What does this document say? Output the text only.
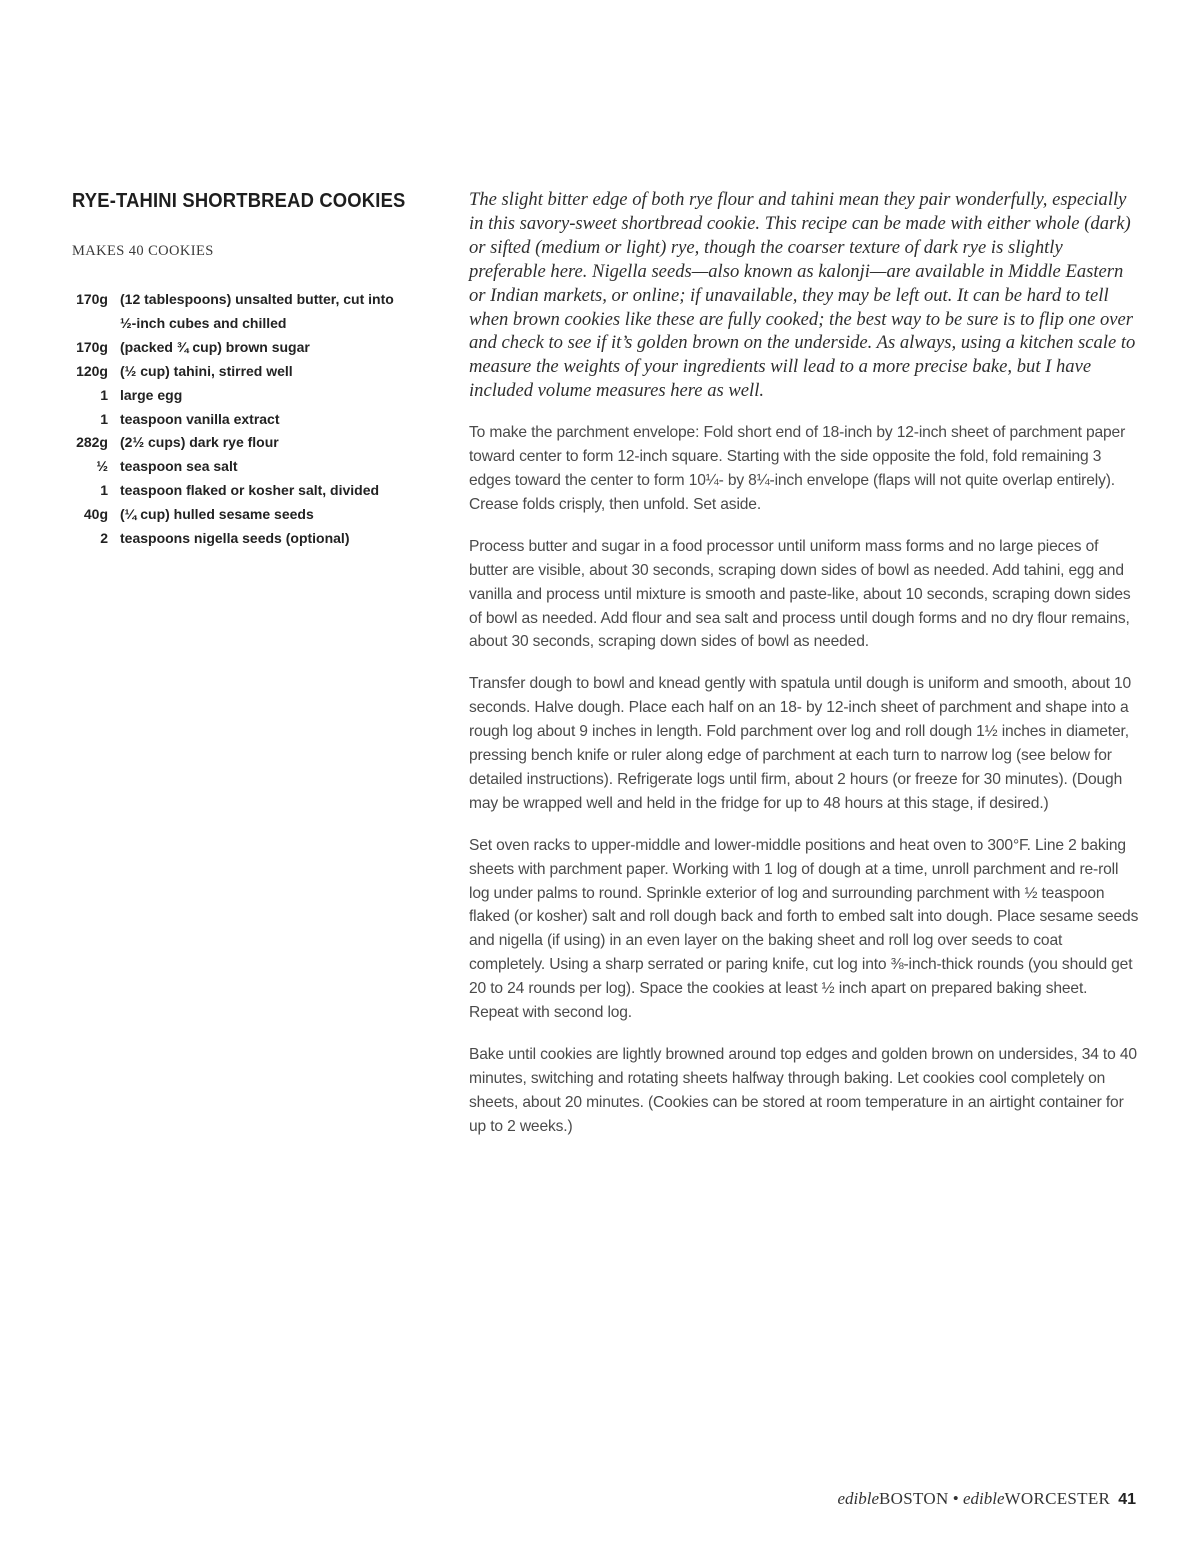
RYE-TAHINI SHORTBREAD COOKIES
MAKES 40 COOKIES
170g (12 tablespoons) unsalted butter, cut into
½-inch cubes and chilled
170g (packed ¾ cup) brown sugar
120g (½ cup) tahini, stirred well
1 large egg
1 teaspoon vanilla extract
282g (2½ cups) dark rye flour
½ teaspoon sea salt
1 teaspoon flaked or kosher salt, divided
40g (¼ cup) hulled sesame seeds
2 teaspoons nigella seeds (optional)

The slight bitter edge of both rye flour and tahini mean they pair wonderfully, especially in this savory-sweet shortbread cookie. This recipe can be made with either whole (dark) or sifted (medium or light) rye, though the coarser texture of dark rye is slightly preferable here. Nigella seeds—also known as kalonji—are available in Middle Eastern or Indian markets, or online; if unavailable, they may be left out. It can be hard to tell when brown cookies like these are fully cooked; the best way to be sure is to flip one over and check to see if it’s golden brown on the underside. As always, using a kitchen scale to measure the weights of your ingredients will lead to a more precise bake, but I have included volume measures here as well.

To make the parchment envelope: Fold short end of 18-inch by 12-inch sheet of parchment paper toward center to form 12-inch square. Starting with the side opposite the fold, fold remaining 3 edges toward the center to form 10¼- by 8¼-inch envelope (flaps will not quite overlap entirely). Crease folds crisply, then unfold. Set aside.

Process butter and sugar in a food processor until uniform mass forms and no large pieces of butter are visible, about 30 seconds, scraping down sides of bowl as needed. Add tahini, egg and vanilla and process until mixture is smooth and paste-like, about 10 seconds, scraping down sides of bowl as needed. Add flour and sea salt and process until dough forms and no dry flour remains, about 30 seconds, scraping down sides of bowl as needed.

Transfer dough to bowl and knead gently with spatula until dough is uniform and smooth, about 10 seconds. Halve dough. Place each half on an 18- by 12-inch sheet of parchment and shape into a rough log about 9 inches in length. Fold parchment over log and roll dough 1½ inches in diameter, pressing bench knife or ruler along edge of parchment at each turn to narrow log (see below for detailed instructions). Refrigerate logs until firm, about 2 hours (or freeze for 30 minutes). (Dough may be wrapped well and held in the fridge for up to 48 hours at this stage, if desired.)

Set oven racks to upper-middle and lower-middle positions and heat oven to 300°F. Line 2 baking sheets with parchment paper. Working with 1 log of dough at a time, unroll parchment and re-roll log under palms to round. Sprinkle exterior of log and surrounding parchment with ½ teaspoon flaked (or kosher) salt and roll dough back and forth to embed salt into dough. Place sesame seeds and nigella (if using) in an even layer on the baking sheet and roll log over seeds to coat completely. Using a sharp serrated or paring knife, cut log into ⅜-inch-thick rounds (you should get 20 to 24 rounds per log). Space the cookies at least ½ inch apart on prepared baking sheet. Repeat with second log.

Bake until cookies are lightly browned around top edges and golden brown on undersides, 34 to 40 minutes, switching and rotating sheets halfway through baking. Let cookies cool completely on sheets, about 20 minutes. (Cookies can be stored at room temperature in an airtight container for up to 2 weeks.)

edibleBOSTON • edibleWORCESTER 41
